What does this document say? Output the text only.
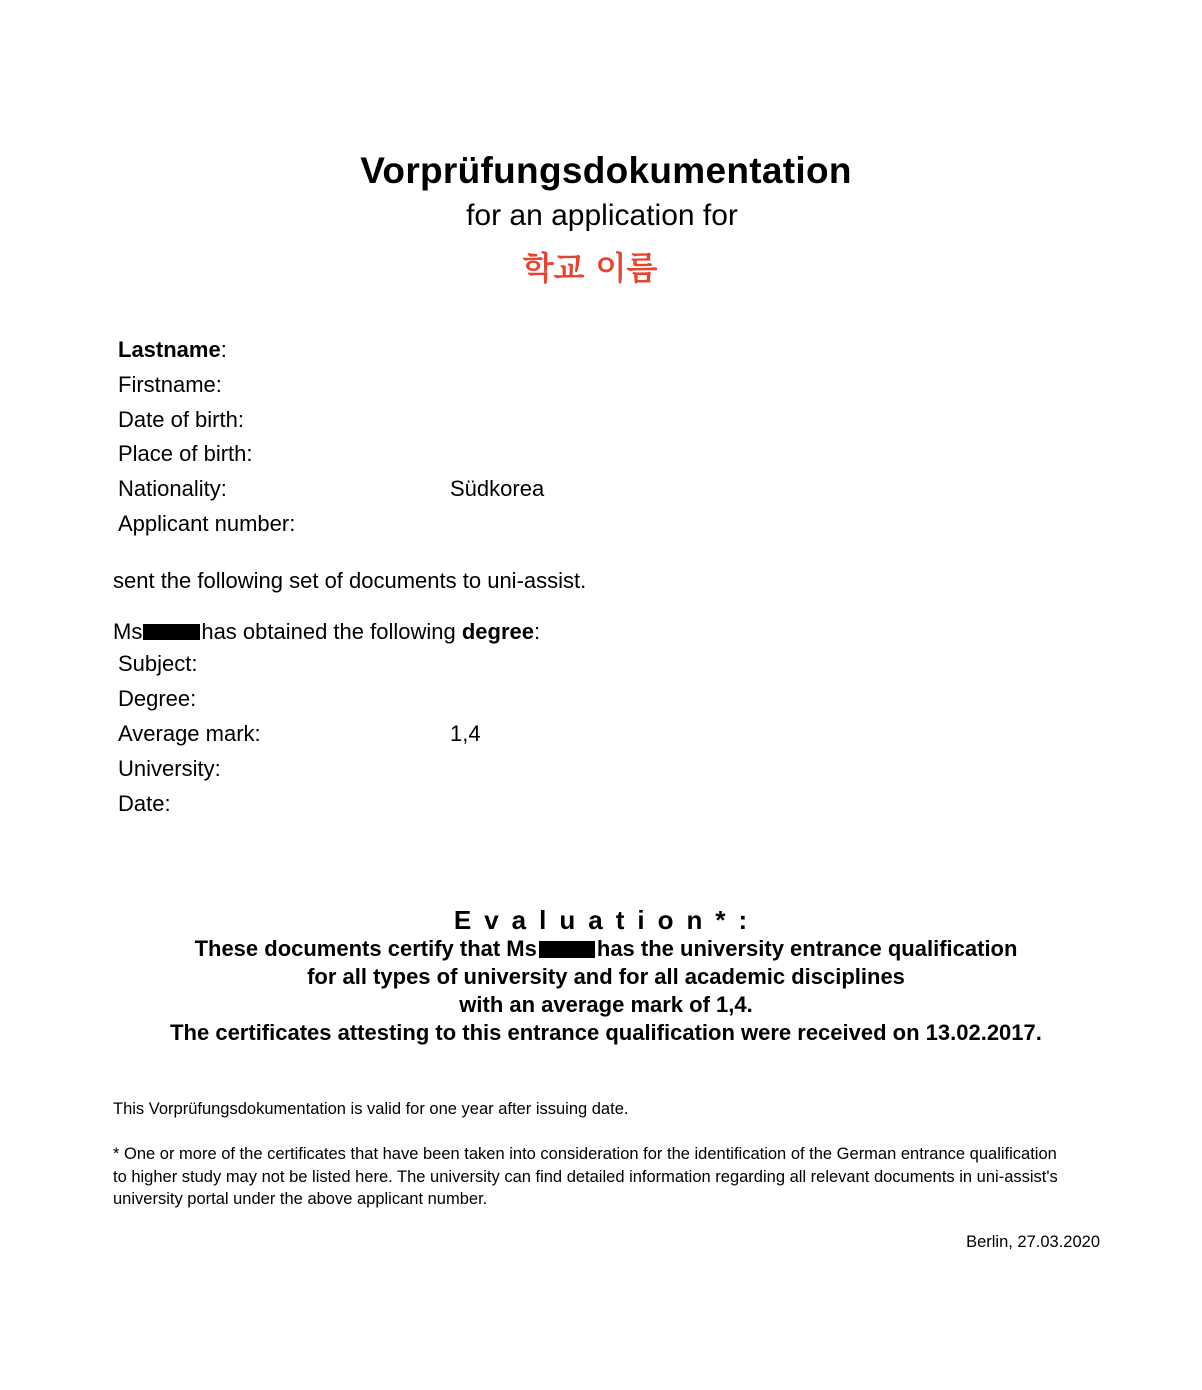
Vorprüfungsdokumentation
for an application for
학교 이름
Lastname:
Firstname:
Date of birth:
Place of birth:
Nationality:	Südkorea
Applicant number:
sent the following set of documents to uni-assist.
Ms	has obtained the following degree:
Subject:
Degree:
Average mark:	1,4
University:
Date:
Evaluation*:
These documents certify that Ms	has the university entrance qualification
for all types of university and for all academic disciplines
with an average mark of 1,4.
The certificates attesting to this entrance qualification were received on 13.02.2017.
This Vorprüfungsdokumentation is valid for one year after issuing date.
* One or more of the certificates that have been taken into consideration for the identification of the German entrance qualification to higher study may not be listed here. The university can find detailed information regarding all relevant documents in uni-assist's university portal under the above applicant number.
Berlin, 27.03.2020
